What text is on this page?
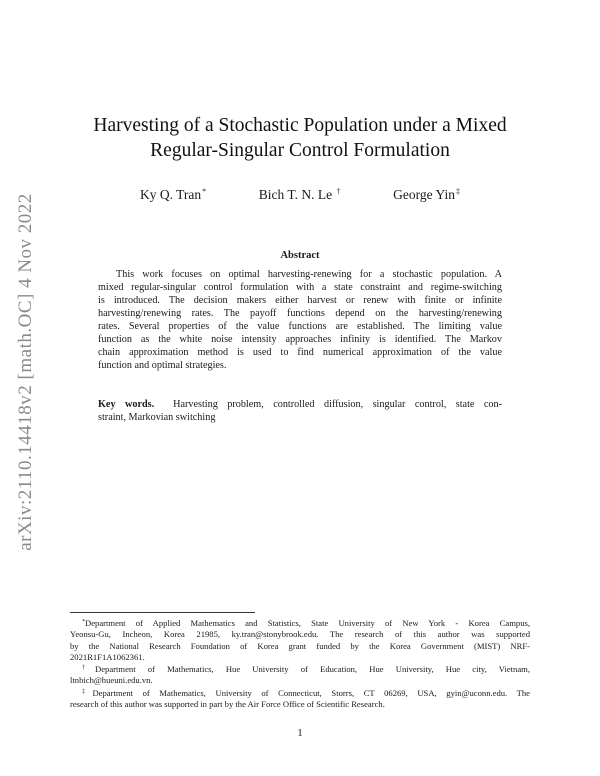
arXiv:2110.14418v2 [math.OC] 4 Nov 2022
Harvesting of a Stochastic Population under a Mixed
Regular-Singular Control Formulation
Ky Q. Tran*	Bich T. N. Le †	George Yin‡
Abstract
This work focuses on optimal harvesting-renewing for a stochastic population. A
mixed regular-singular control formulation with a state constraint and regime-switching
is introduced. The decision makers either harvest or renew with finite or infinite
harvesting/renewing rates. The payoff functions depend on the harvesting/renewing
rates. Several properties of the value functions are established. The limiting value
function as the white noise intensity approaches infinity is identified. The Markov
chain approximation method is used to find numerical approximation of the value
function and optimal strategies.
Key words. Harvesting problem, controlled diffusion, singular control, state con-
straint, Markovian switching
*Department of Applied Mathematics and Statistics, State University of New York - Korea Campus,
Yeonsu-Gu, Incheon, Korea 21985, ky.tran@stonybrook.edu. The research of this author was supported
by the National Research Foundation of Korea grant funded by the Korea Government (MIST) NRF-
2021R1F1A1062361.
†Department of Mathematics, Hue University of Education, Hue University, Hue city, Vietnam,
ltnbich@hueuni.edu.vn.
‡Department of Mathematics, University of Connecticut, Storrs, CT 06269, USA, gyin@uconn.edu. The
research of this author was supported in part by the Air Force Office of Scientific Research.
1
